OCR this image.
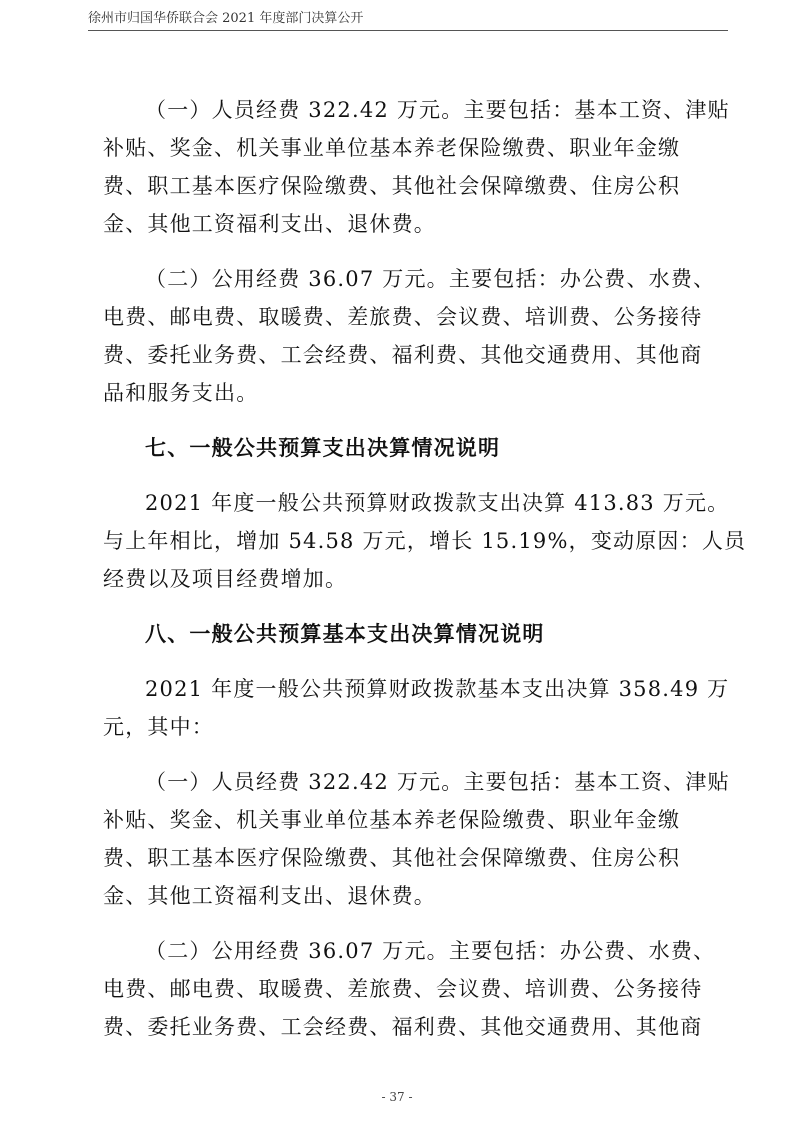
徐州市归国华侨联合会 2021 年度部门决算公开
（一）人员经费 322.42 万元。主要包括：基本工资、津贴
补贴、奖金、机关事业单位基本养老保险缴费、职业年金缴
费、职工基本医疗保险缴费、其他社会保障缴费、住房公积
金、其他工资福利支出、退休费。
（二）公用经费 36.07 万元。主要包括：办公费、水费、
电费、邮电费、取暖费、差旅费、会议费、培训费、公务接待
费、委托业务费、工会经费、福利费、其他交通费用、其他商
品和服务支出。
七、一般公共预算支出决算情况说明
2021 年度一般公共预算财政拨款支出决算 413.83 万元。
与上年相比，增加 54.58 万元，增长 15.19%，变动原因：人员
经费以及项目经费增加。
八、一般公共预算基本支出决算情况说明
2021 年度一般公共预算财政拨款基本支出决算 358.49 万
元，其中：
（一）人员经费 322.42 万元。主要包括：基本工资、津贴
补贴、奖金、机关事业单位基本养老保险缴费、职业年金缴
费、职工基本医疗保险缴费、其他社会保障缴费、住房公积
金、其他工资福利支出、退休费。
（二）公用经费 36.07 万元。主要包括：办公费、水费、
电费、邮电费、取暖费、差旅费、会议费、培训费、公务接待
费、委托业务费、工会经费、福利费、其他交通费用、其他商
- 37 -
